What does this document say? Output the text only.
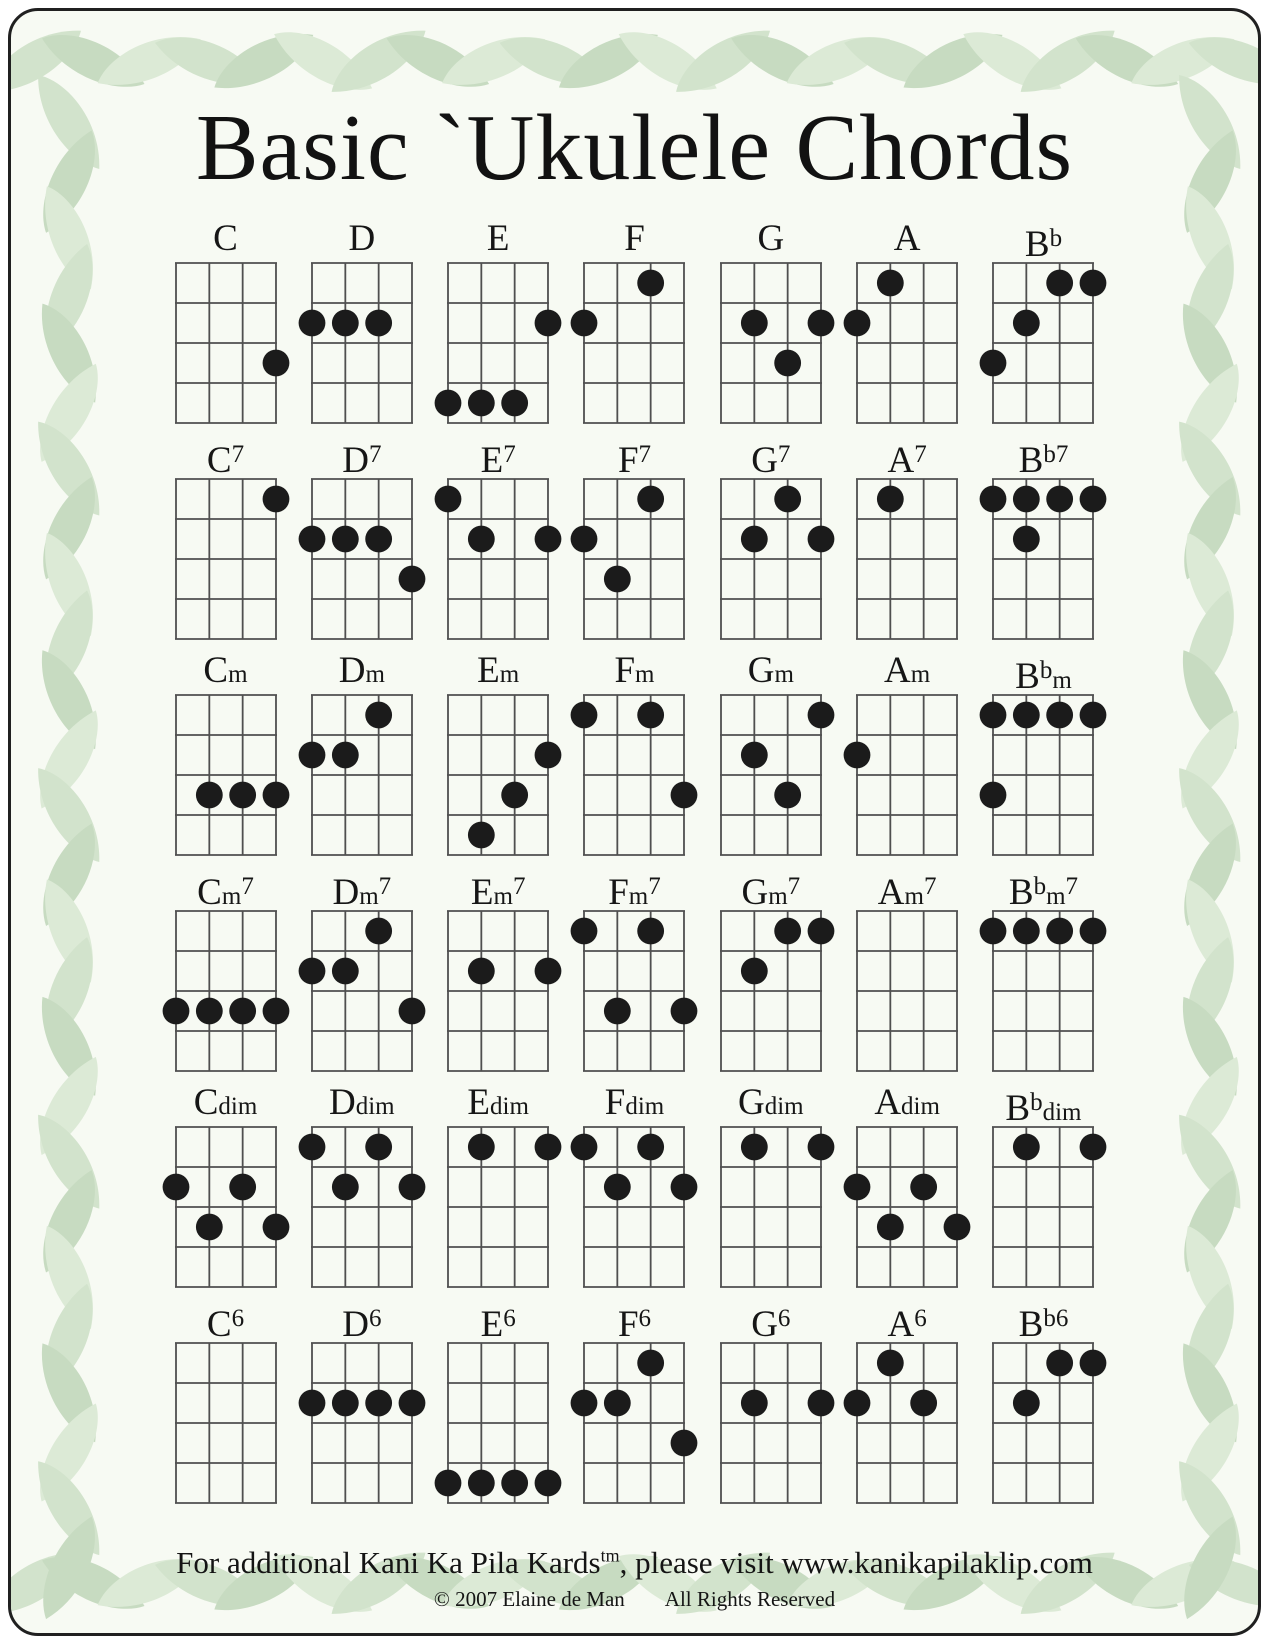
Basic `Ukulele Chords
C	D	E	F	G	A	$B^b$
$C^7$	$D^7$	$E^7$	$F^7$	$G^7$	$A^7$	$B^{b7}$
Cm	Dm	Em	Fm	Gm	Am	$B^bm$
Cm$^7$	Dm$^7$	Em$^7$	Fm$^7$	Gm$^7$	Am$^7$	$B^bm^7$
Cdim	Ddim	Edim	Fdim	Gdim	Adim	$B^bdim$
$C^6$	$D^6$	$E^6$	$F^6$	$G^6$	$A^6$	$B^{b6}$
For additional Kani Ka Pila Kards$^{tm}$, please visit www.kanikapilaklip.com
© 2007 Elaine de Man All Rights Reserved
